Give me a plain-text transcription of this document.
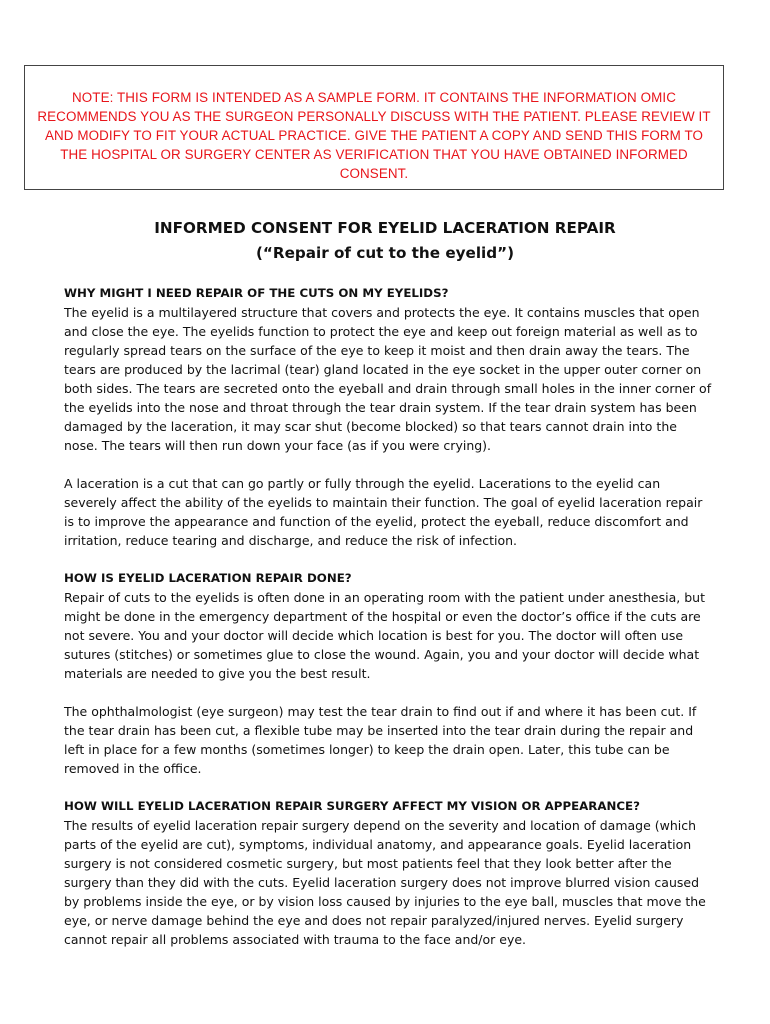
NOTE: THIS FORM IS INTENDED AS A SAMPLE FORM. IT CONTAINS THE INFORMATION OMIC RECOMMENDS YOU AS THE SURGEON PERSONALLY DISCUSS WITH THE PATIENT. PLEASE REVIEW IT AND MODIFY TO FIT YOUR ACTUAL PRACTICE. GIVE THE PATIENT A COPY AND SEND THIS FORM TO THE HOSPITAL OR SURGERY CENTER AS VERIFICATION THAT YOU HAVE OBTAINED INFORMED CONSENT.
INFORMED CONSENT FOR EYELID LACERATION REPAIR
(“Repair of cut to the eyelid”)

WHY MIGHT I NEED REPAIR OF THE CUTS ON MY EYELIDS?

The eyelid is a multilayered structure that covers and protects the eye. It contains muscles that open and close the eye. The eyelids function to protect the eye and keep out foreign material as well as to regularly spread tears on the surface of the eye to keep it moist and then drain away the tears. The tears are produced by the lacrimal (tear) gland located in the eye socket in the upper outer corner on both sides. The tears are secreted onto the eyeball and drain through small holes in the inner corner of the eyelids into the nose and throat through the tear drain system. If the tear drain system has been damaged by the laceration, it may scar shut (become blocked) so that tears cannot drain into the nose. The tears will then run down your face (as if you were crying).

A laceration is a cut that can go partly or fully through the eyelid. Lacerations to the eyelid can severely affect the ability of the eyelids to maintain their function. The goal of eyelid laceration repair is to improve the appearance and function of the eyelid, protect the eyeball, reduce discomfort and irritation, reduce tearing and discharge, and reduce the risk of infection.

HOW IS EYELID LACERATION REPAIR DONE?

Repair of cuts to the eyelids is often done in an operating room with the patient under anesthesia, but might be done in the emergency department of the hospital or even the doctor’s office if the cuts are not severe. You and your doctor will decide which location is best for you. The doctor will often use sutures (stitches) or sometimes glue to close the wound. Again, you and your doctor will decide what materials are needed to give you the best result.

The ophthalmologist (eye surgeon) may test the tear drain to find out if and where it has been cut. If the tear drain has been cut, a flexible tube may be inserted into the tear drain during the repair and left in place for a few months (sometimes longer) to keep the drain open. Later, this tube can be removed in the office.

HOW WILL EYELID LACERATION REPAIR SURGERY AFFECT MY VISION OR APPEARANCE?

The results of eyelid laceration repair surgery depend on the severity and location of damage (which parts of the eyelid are cut), symptoms, individual anatomy, and appearance goals. Eyelid laceration surgery is not considered cosmetic surgery, but most patients feel that they look better after the surgery than they did with the cuts. Eyelid laceration surgery does not improve blurred vision caused by problems inside the eye, or by vision loss caused by injuries to the eye ball, muscles that move the eye, or nerve damage behind the eye and does not repair paralyzed/injured nerves. Eyelid surgery cannot repair all problems associated with trauma to the face and/or eye.
